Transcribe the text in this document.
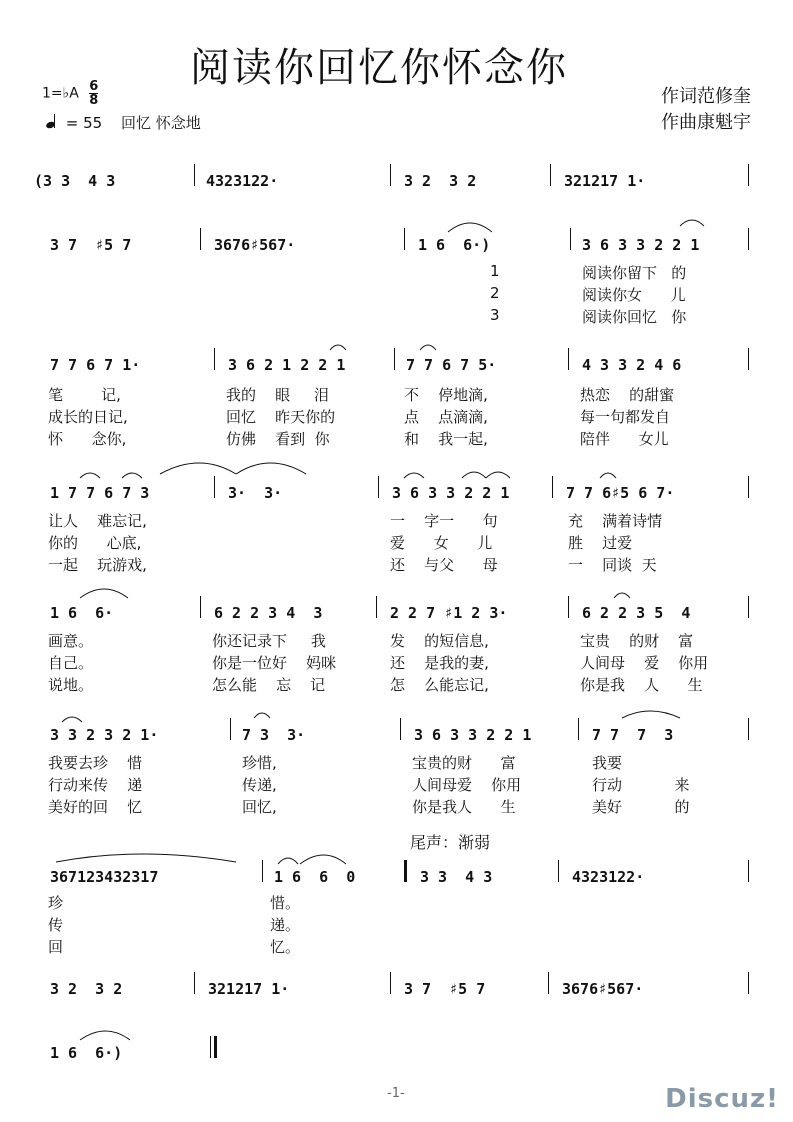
阅读你回忆你怀念你
1=♭A $\frac{6}{8}$
= 55 回忆 怀念地
作词范修奎
作曲康魁宇
(3 3  4 3	4323122·	3 2  3 2	321217 1·
3 7  ♯5 7	3676♯567·	1 6  6·)	3 6 3 3 2 2 1
1
2
3
阅读你留下   的
阅读你女      儿
阅读你回忆   你
7 7 6 7 1·	3 6 2 1 2 2 1	7 7 6 7 5·	4 3 3 2 4 6
笔        记,	我的    眼     泪	不    停地滴,	热恋    的甜蜜
成长的日记,	回忆    昨天你的	点    点滴滴,	每一句都发自
怀      念你,	仿佛    看到  你	和    我一起,	陪伴      女儿
1 7 7 6 7 3	3·  3·	3 6 3 3 2 2 1	7 7 6♯5 6 7·
让人    难忘记,	一    字一      句	充    满着诗情
你的      心底,	爱      女      儿	胜    过爱
一起    玩游戏,	还    与父      母	一    同谈  天
1 6  6·	6 2 2 3 4  3	2 2 7 ♯1 2 3·	6 2 2 3 5  4
画意。	你还记录下     我	发    的短信息,	宝贵    的财    富
自己。	你是一位好    妈咪	还    是我的妻,	人间母    爱    你用
说地。	怎么能    忘    记	怎    么能忘记,	你是我    人      生
3 3 2 3 2 1·	7 3  3·	3 6 3 3 2 2 1	7 7  7  3
我要去珍    惜	珍惜,	宝贵的财      富	我要
行动来传    递	传递,	人间母爱    你用	行动           来
美好的回    忆	回忆,	你是我人      生	美好           的
尾声：渐弱
367123432317	1 6  6  0	3 3  4 3	4323122·
珍	惜。
传	递。
回	忆。
3 2  3 2	321217 1·	3 7  ♯5 7	3676♯567·
1 6  6·)
-1-	Discuz!
